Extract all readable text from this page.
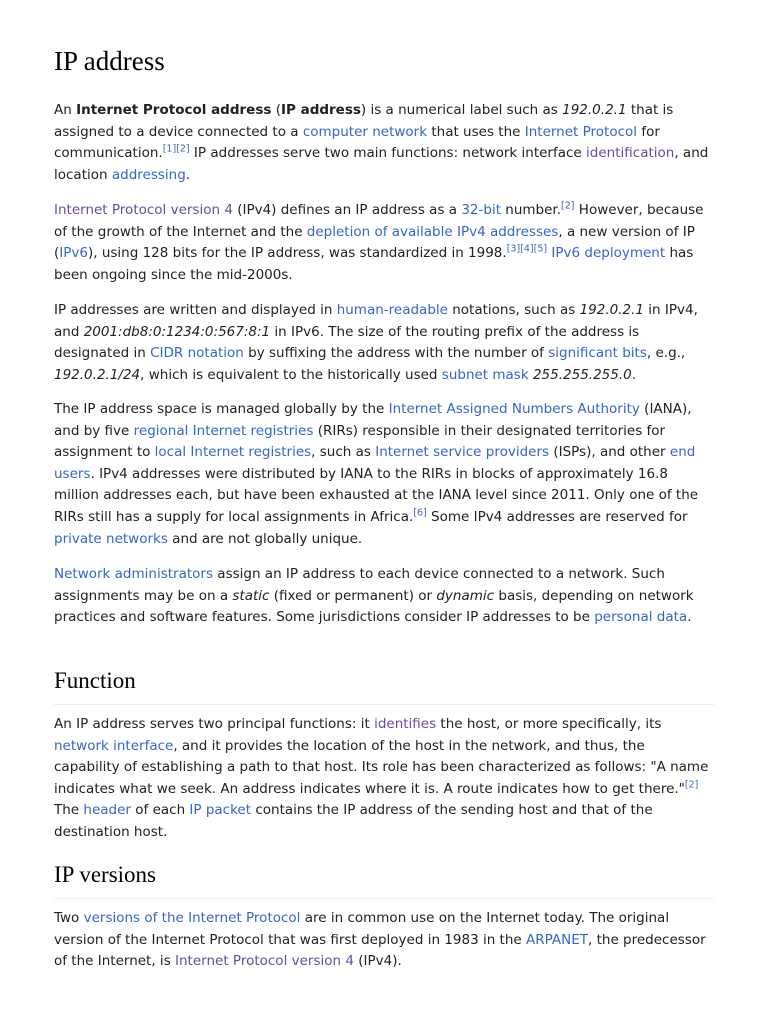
IP address

An Internet Protocol address (IP address) is a numerical label such as 192.0.2.1 that is assigned to a device connected to a computer network that uses the Internet Protocol for communication.[1][2] IP addresses serve two main functions: network interface identification, and location addressing.

Internet Protocol version 4 (IPv4) defines an IP address as a 32-bit number.[2] However, because of the growth of the Internet and the depletion of available IPv4 addresses, a new version of IP (IPv6), using 128 bits for the IP address, was standardized in 1998.[3][4][5] IPv6 deployment has been ongoing since the mid-2000s.

IP addresses are written and displayed in human-readable notations, such as 192.0.2.1 in IPv4, and 2001:db8:0:1234:0:567:8:1 in IPv6. The size of the routing prefix of the address is designated in CIDR notation by suffixing the address with the number of significant bits, e.g., 192.0.2.1/24, which is equivalent to the historically used subnet mask 255.255.255.0.

The IP address space is managed globally by the Internet Assigned Numbers Authority (IANA), and by five regional Internet registries (RIRs) responsible in their designated territories for assignment to local Internet registries, such as Internet service providers (ISPs), and other end users. IPv4 addresses were distributed by IANA to the RIRs in blocks of approximately 16.8 million addresses each, but have been exhausted at the IANA level since 2011. Only one of the RIRs still has a supply for local assignments in Africa.[6] Some IPv4 addresses are reserved for private networks and are not globally unique.

Network administrators assign an IP address to each device connected to a network. Such assignments may be on a static (fixed or permanent) or dynamic basis, depending on network practices and software features. Some jurisdictions consider IP addresses to be personal data.

Function

An IP address serves two principal functions: it identifies the host, or more specifically, its network interface, and it provides the location of the host in the network, and thus, the capability of establishing a path to that host. Its role has been characterized as follows: "A name indicates what we seek. An address indicates where it is. A route indicates how to get there."[2] The header of each IP packet contains the IP address of the sending host and that of the destination host.

IP versions

Two versions of the Internet Protocol are in common use on the Internet today. The original version of the Internet Protocol that was first deployed in 1983 in the ARPANET, the predecessor of the Internet, is Internet Protocol version 4 (IPv4).
